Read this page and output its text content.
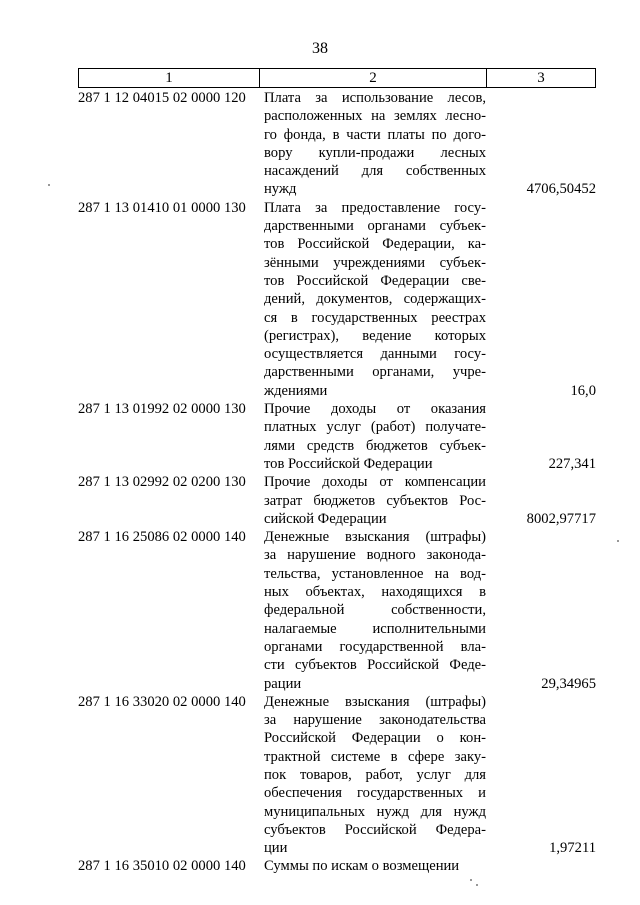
38
1	2	3
287 1 12 04015 02 0000 120	Плата за использование лесов,
расположенных на землях лесно-
го фонда, в части платы по дого-
вору купли-продажи лесных
насаждений для собственных
нужд	4706,50452
287 1 13 01410 01 0000 130	Плата за предоставление госу-
дарственными органами субъек-
тов Российской Федерации, ка-
зёнными учреждениями субъек-
тов Российской Федерации све-
дений, документов, содержащих-
ся в государственных реестрах
(регистрах), ведение которых
осуществляется данными госу-
дарственными органами, учре-
ждениями	16,0
287 1 13 01992 02 0000 130	Прочие доходы от оказания
платных услуг (работ) получате-
лями средств бюджетов субъек-
тов Российской Федерации	227,341
287 1 13 02992 02 0200 130	Прочие доходы от компенсации
затрат бюджетов субъектов Рос-
сийской Федерации	8002,97717
287 1 16 25086 02 0000 140	Денежные взыскания (штрафы)
за нарушение водного законода-
тельства, установленное на вод-
ных объектах, находящихся в
федеральной собственности,
налагаемые исполнительными
органами государственной вла-
сти субъектов Российской Феде-
рации	29,34965
287 1 16 33020 02 0000 140	Денежные взыскания (штрафы)
за нарушение законодательства
Российской Федерации о кон-
трактной системе в сфере заку-
пок товаров, работ, услуг для
обеспечения государственных и
муниципальных нужд для нужд
субъектов Российской Федера-
ции	1,97211
287 1 16 35010 02 0000 140	Суммы по искам о возмещении
